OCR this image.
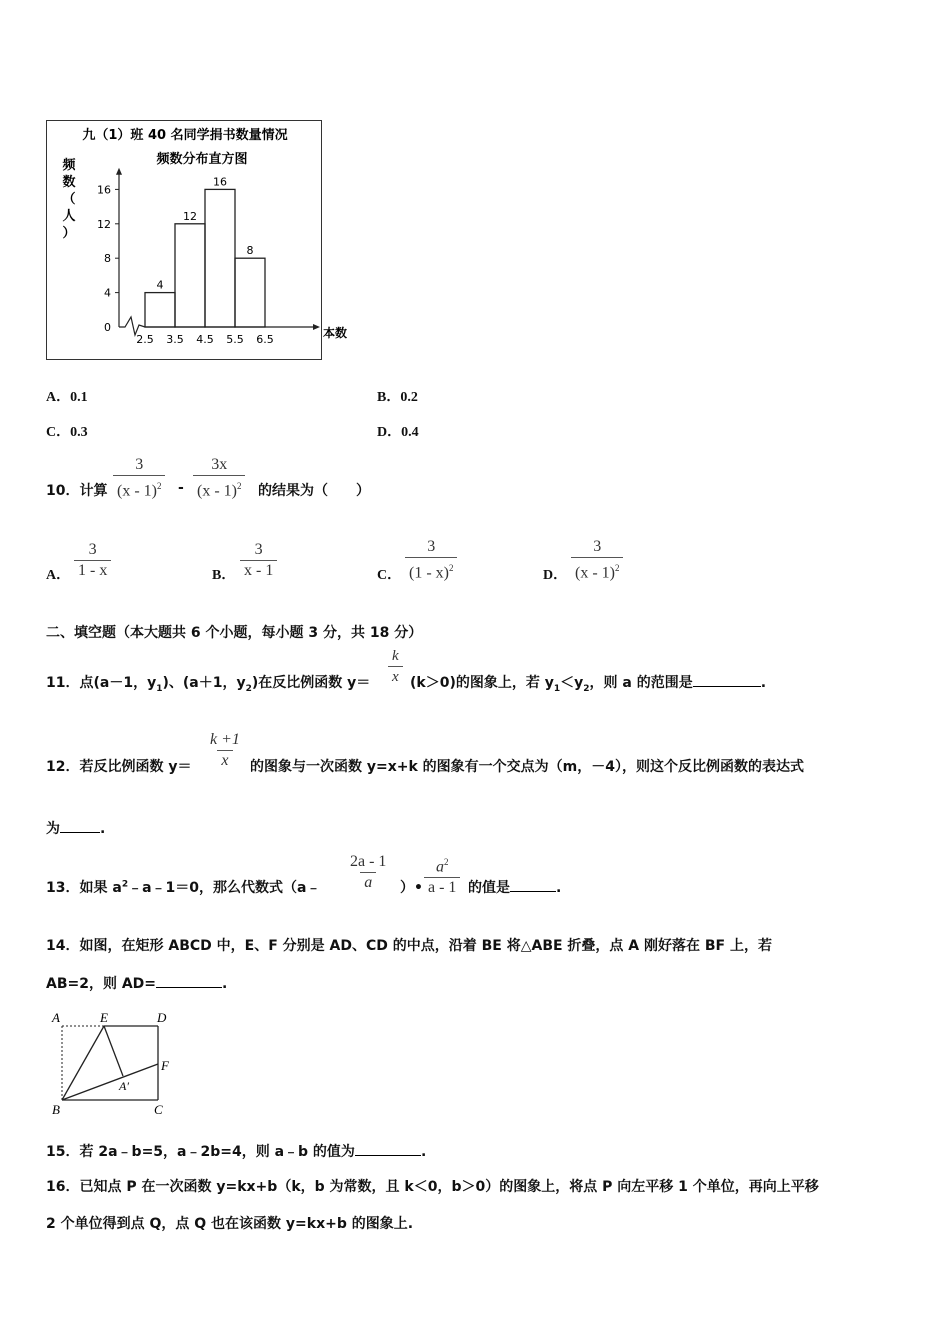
九（1）班 40 名同学捐书数量情况
频数分布直方图
频
数
（
人
）
0
4
8
12
16
4
12
16
8
2.5 3.5 4.5 5.5 6.5	本数
A．0.1	B．0.2
C．0.3	D．0.4
10．计算 $\frac{3}{(x - 1)^2} - \frac{3x}{(x - 1)^2}$ 的结果为（　　）
A． $\frac{3}{1 - x}$	B． $\frac{3}{x - 1}$	C． $\frac{3}{(1 - x)^2}$	D． $\frac{3}{(x - 1)^2}$
二、填空题（本大题共 6 个小题，每小题 3 分，共 18 分）
11．点(a－1，$y_1$)、(a＋1，$y_2$)在反比例函数 $y= \frac{k}{x} (k>0)$的图象上，若 $y_1<y_2$，则 a 的范围是	.
12．若反比例函数 $y= \frac{k +1}{x}$ 的图象与一次函数 y=x+k 的图象有一个交点为（m，－4），则这个反比例函数的表达式
为	.
13．如果 $a^2﹣a﹣1=0$，那么代数式（a﹣ $\frac{2a - 1}{a}$ ）• $\frac{a^2}{a - 1}$ 的值是	.
14．如图，在矩形 ABCD 中，E、F 分别是 AD、CD 的中点，沿着 BE 将△ABE 折叠，点 A 刚好落在 BF 上，若
AB=2，则 AD=	.
A	E	D
F
A′
B	C
15．若 2a﹣b=5，a﹣2b=4，则 a﹣b 的值为	.
16．已知点 P 在一次函数 y=kx+b（k，b 为常数，且 k＜0，b＞0）的图象上，将点 P 向左平移 1 个单位，再向上平移
2 个单位得到点 Q，点 Q 也在该函数 y=kx+b 的图象上.
